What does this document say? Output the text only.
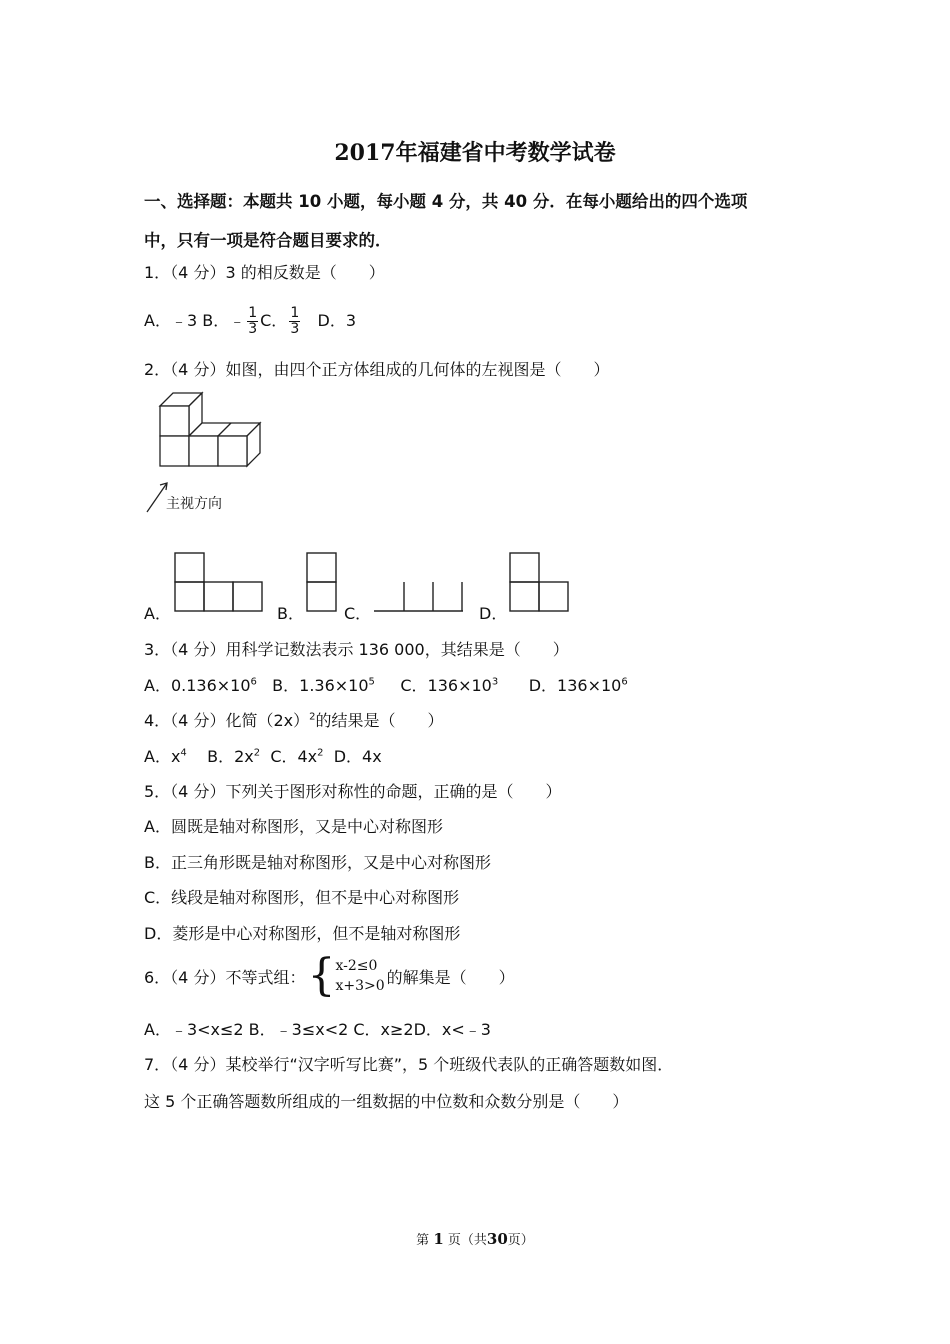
2017年福建省中考数学试卷
一、选择题：本题共 10 小题，每小题 4 分，共 40 分．在每小题给出的四个选项
中，只有一项是符合题目要求的．
1．（4 分）3 的相反数是（　　）
A．﹣3 B．﹣ $\frac{1}{3}$ C． $\frac{1}{3}$ D．3
2．（4 分）如图，由四个正方体组成的几何体的左视图是（　　）
主视方向
A．	B．	C．	D．
3．（4 分）用科学记数法表示 136 000，其结果是（　　）
A．$0.136\times 10^6$ B．$1.36\times 10^5$ C．$136\times 10^3$ D．$136\times 10^6$
4．（4 分）化简$(2x)^2$的结果是（　　）
A．$x^4$ B．$2x^2$ C．$4x^2$ D．4x
5．（4 分）下列关于图形对称性的命题，正确的是（　　）
A．圆既是轴对称图形，又是中心对称图形
B．正三角形既是轴对称图形，又是中心对称图形
C．线段是轴对称图形，但不是中心对称图形
D．菱形是中心对称图形，但不是轴对称图形
6．（4 分）不等式组： { x-2≤0
x+3>0 的解集是（　　）
A．﹣3<x≤2 B．﹣3≤x<2 C．x≥2D．x<﹣3
7．（4 分）某校举行“汉字听写比赛”，5 个班级代表队的正确答题数如图．
这 5 个正确答题数所组成的一组数据的中位数和众数分别是（　　）
第 1 页（共30页）
